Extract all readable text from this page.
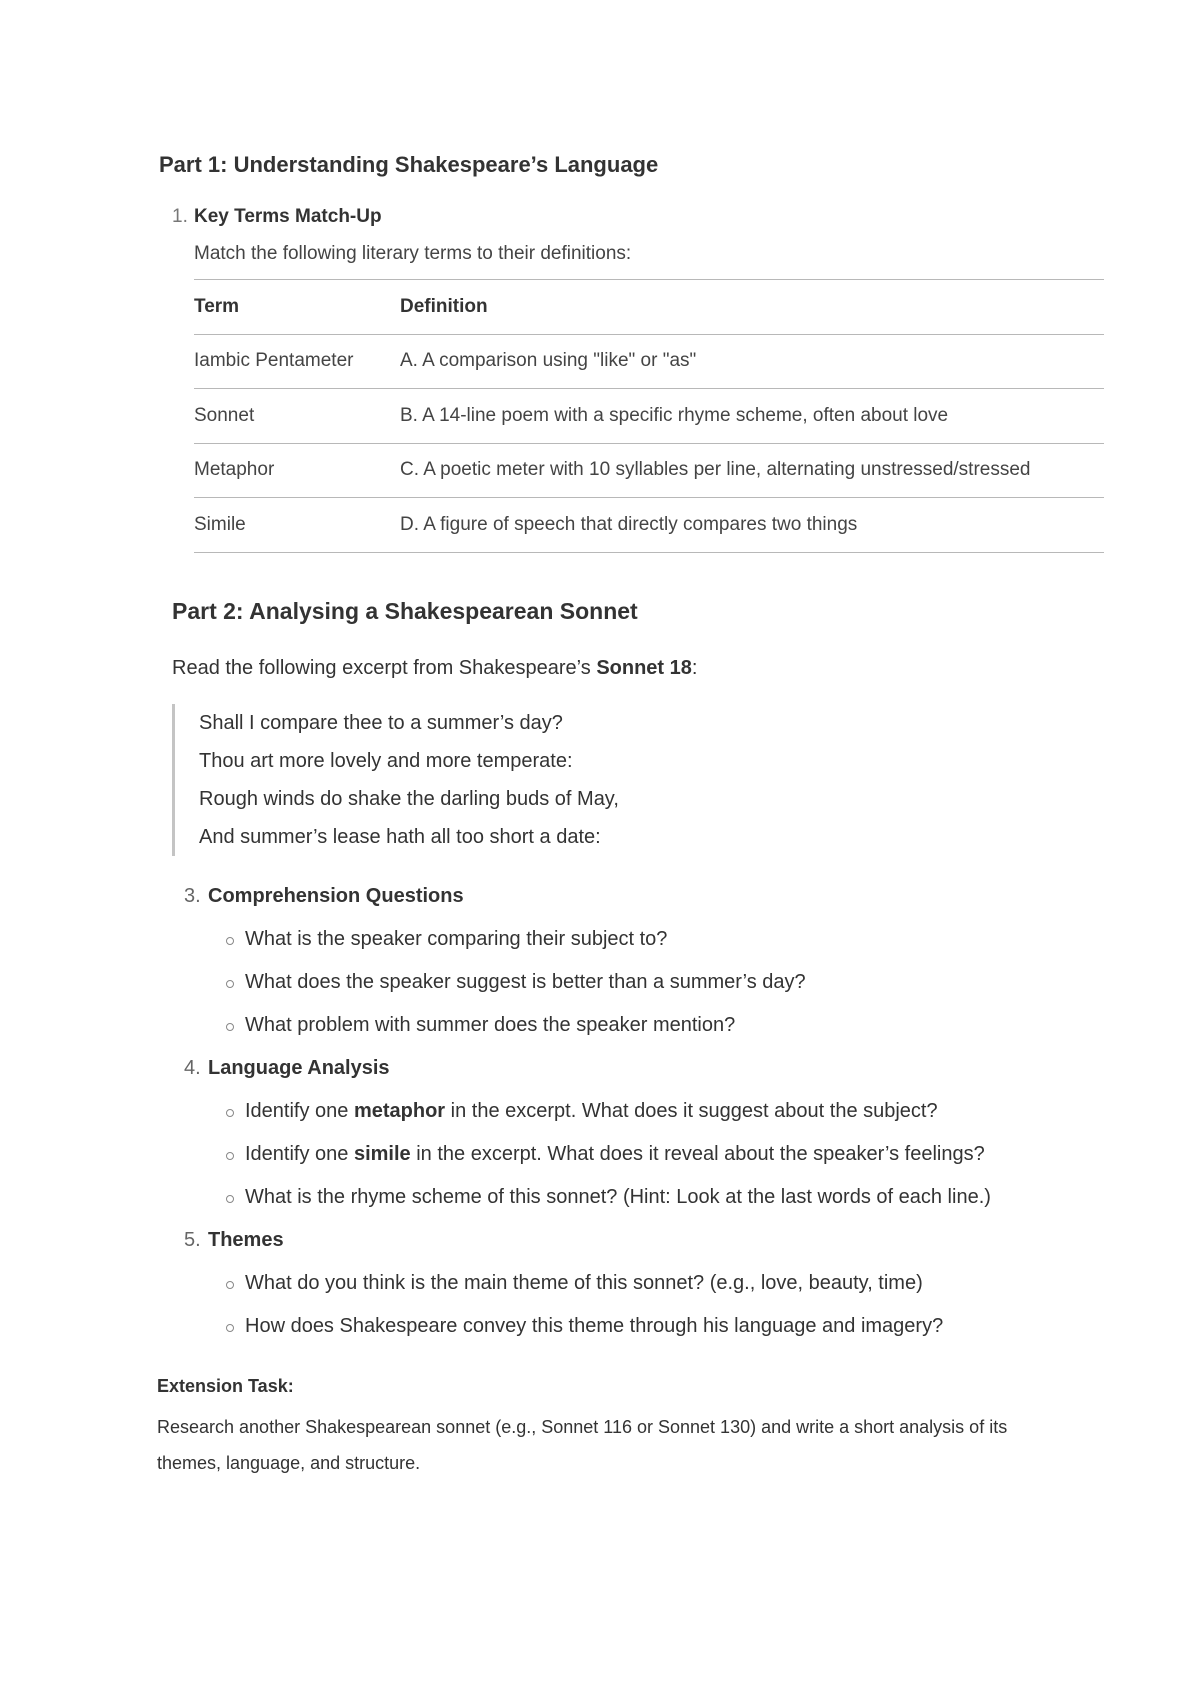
Part 1: Understanding Shakespeare’s Language
1. Key Terms Match-Up
Match the following literary terms to their definitions:
Term	Definition
Iambic Pentameter	A. A comparison using "like" or "as"
Sonnet	B. A 14-line poem with a specific rhyme scheme, often about love
Metaphor	C. A poetic meter with 10 syllables per line, alternating unstressed/stressed
Simile	D. A figure of speech that directly compares two things
Part 2: Analysing a Shakespearean Sonnet
Read the following excerpt from Shakespeare’s Sonnet 18:
Shall I compare thee to a summer’s day?
Thou art more lovely and more temperate:
Rough winds do shake the darling buds of May,
And summer’s lease hath all too short a date:
3. Comprehension Questions
What is the speaker comparing their subject to?
What does the speaker suggest is better than a summer’s day?
What problem with summer does the speaker mention?
4. Language Analysis
Identify one metaphor in the excerpt. What does it suggest about the subject?
Identify one simile in the excerpt. What does it reveal about the speaker’s feelings?
What is the rhyme scheme of this sonnet? (Hint: Look at the last words of each line.)
5. Themes
What do you think is the main theme of this sonnet? (e.g., love, beauty, time)
How does Shakespeare convey this theme through his language and imagery?
Extension Task:
Research another Shakespearean sonnet (e.g., Sonnet 116 or Sonnet 130) and write a short analysis of its themes, language, and structure.
